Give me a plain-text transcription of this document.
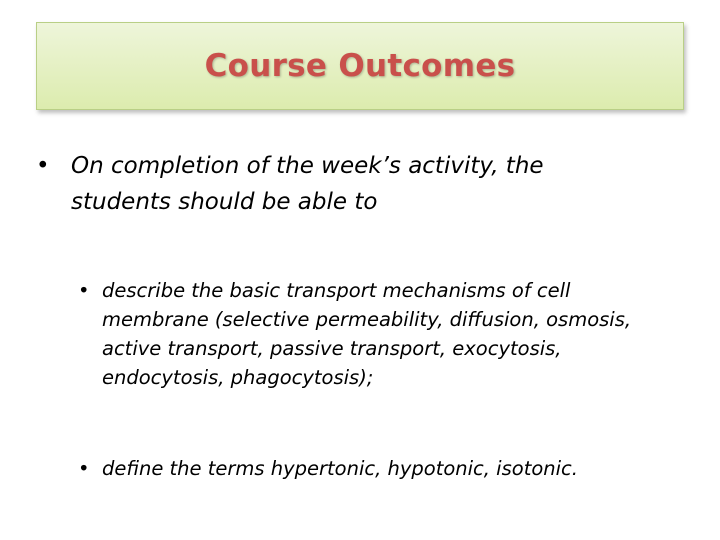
Course Outcomes
• On completion of the week’s activity, the students should be able to
• describe the basic transport mechanisms of cell membrane (selective permeability, diffusion, osmosis, active transport, passive transport, exocytosis, endocytosis, phagocytosis);
• define the terms hypertonic, hypotonic, isotonic.
